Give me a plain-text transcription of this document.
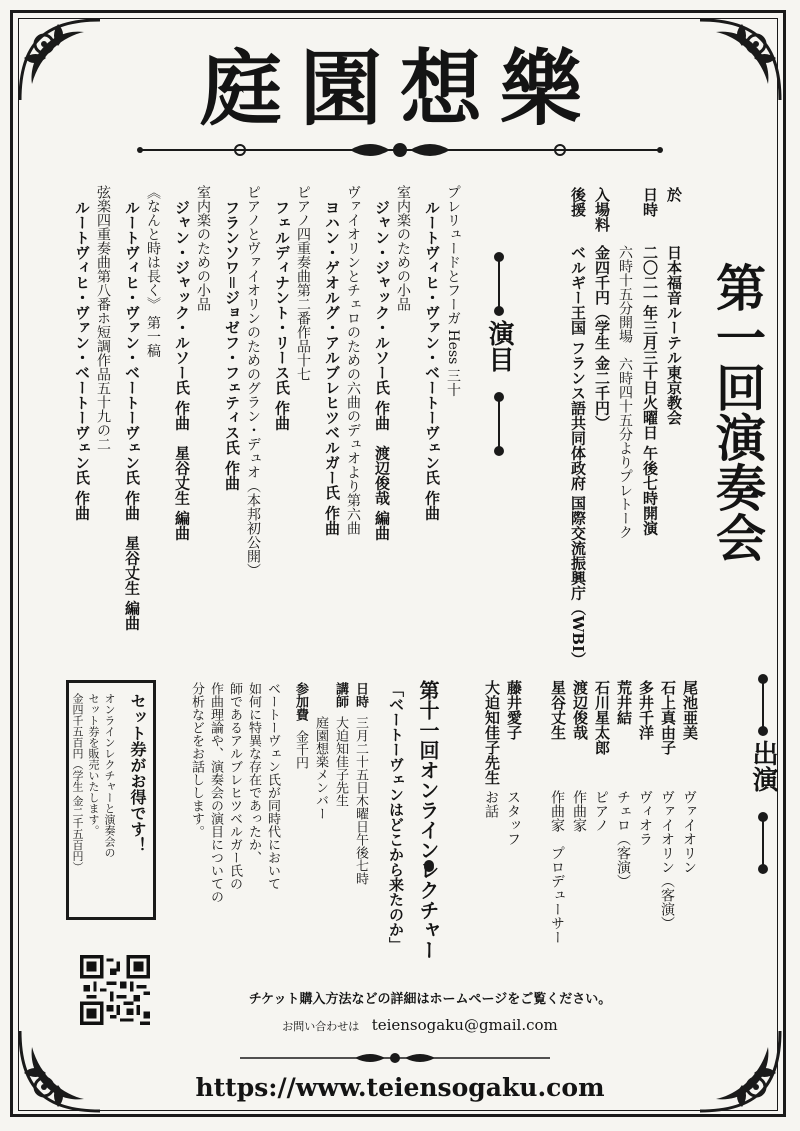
庭園想樂
第一回演奏会
於
日本福音ルーテル東京教会
日時
二〇二一年三月三十日火曜日 午後七時開演
六時十五分開場　六時四十五分よりプレトーク
入場料
金四千円（学生 金二千円）
後援
ベルギー王国 フランス語共同体政府 国際交流振興庁（WBI）
演目
プレリュードとフーガ Hess 三十
ルートヴィヒ・ヴァン・ベートーヴェン氏 作曲
室内楽のための小品
ジャン・ジャック・ルソー氏 作曲　渡辺俊哉 編曲
ヴァイオリンとチェロのための六曲のデュオより第六曲
ヨハン・ゲオルグ・アルブレヒツベルガー氏 作曲
ピアノ四重奏曲第二番作品十七
フェルディナント・リース氏 作曲
ピアノとヴァイオリンのためのグラン・デュオ（本邦初公開）
フランソワ＝ジョゼフ・フェティス氏 作曲
室内楽のための小品
ジャン・ジャック・ルソー氏 作曲　星谷丈生 編曲
《なんと時は長く》 第一稿
ルートヴィヒ・ヴァン・ベートーヴェン氏 作曲　星谷丈生 編曲
弦楽四重奏曲第八番ホ短調作品五十九の二
ルートヴィヒ・ヴァン・ベートーヴェン氏 作曲
出演
尾池亜美
ヴァイオリン
石上真由子
ヴァイオリン（客演）
多井千洋
ヴィオラ
荒井結
チェロ（客演）
石川星太郎
ピアノ
渡辺俊哉
作曲家
星谷丈生
作曲家　プロデューサー
藤井愛子
スタッフ
大迫知佳子先生
お話
第十一回オンラインレクチャー
「ベートーヴェンはどこから来たのか」
日時
三月二十五日木曜日午後七時
講師
大迫知佳子先生
庭園想楽メンバー
参加費
金千円
ベートーヴェン氏が同時代において
如何に特異な存在であったか、
師であるアルブレヒツベルガー氏の
作曲理論や、演奏会の演目についての
分析などをお話しします。
セット券がお得です！
オンラインレクチャーと演奏会の
セット券を販売いたします。
金四千五百円（学生 金二千五百円）
チケット購入方法などの詳細はホームページをご覧ください。
お問い合わせは teiensogaku@gmail.com
https://www.teiensogaku.com
